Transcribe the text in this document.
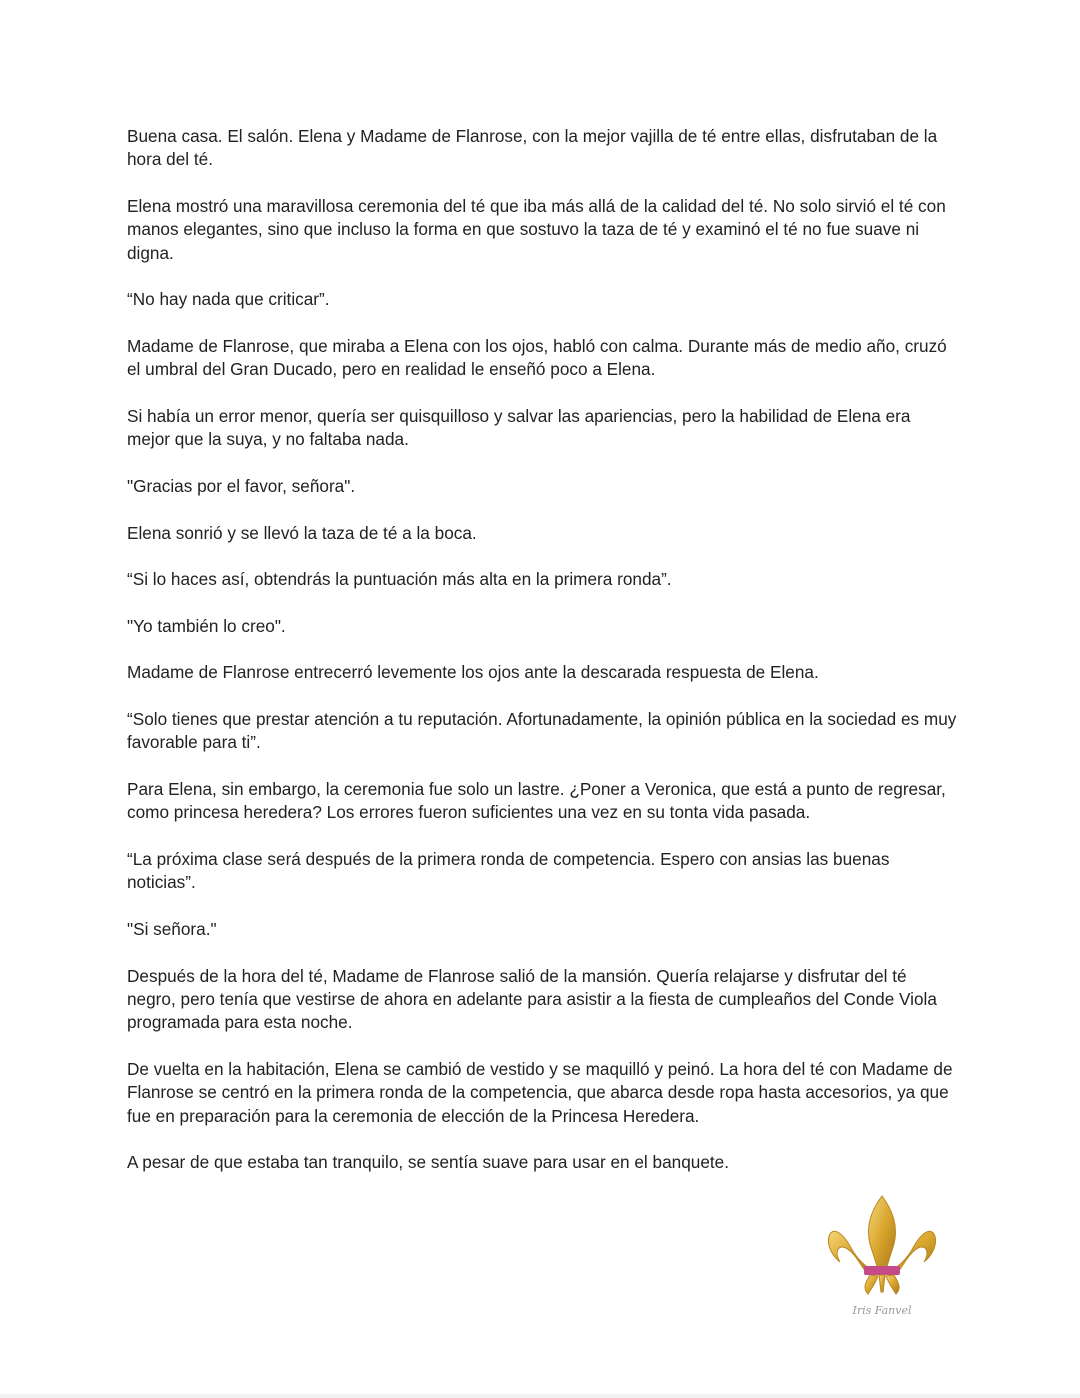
Buena casa. El salón. Elena y Madame de Flanrose, con la mejor vajilla de té entre ellas, disfrutaban de la hora del té.

Elena mostró una maravillosa ceremonia del té que iba más allá de la calidad del té. No solo sirvió el té con manos elegantes, sino que incluso la forma en que sostuvo la taza de té y examinó el té no fue suave ni digna.

“No hay nada que criticar”.

Madame de Flanrose, que miraba a Elena con los ojos, habló con calma. Durante más de medio año, cruzó el umbral del Gran Ducado, pero en realidad le enseñó poco a Elena.

Si había un error menor, quería ser quisquilloso y salvar las apariencias, pero la habilidad de Elena era mejor que la suya, y no faltaba nada.

"Gracias por el favor, señora".

Elena sonrió y se llevó la taza de té a la boca.

“Si lo haces así, obtendrás la puntuación más alta en la primera ronda”.

"Yo también lo creo".

Madame de Flanrose entrecerró levemente los ojos ante la descarada respuesta de Elena.

“Solo tienes que prestar atención a tu reputación. Afortunadamente, la opinión pública en la sociedad es muy favorable para ti”.

Para Elena, sin embargo, la ceremonia fue solo un lastre. ¿Poner a Veronica, que está a punto de regresar, como princesa heredera? Los errores fueron suficientes una vez en su tonta vida pasada.

“La próxima clase será después de la primera ronda de competencia. Espero con ansias las buenas noticias”.

"Si señora."

Después de la hora del té, Madame de Flanrose salió de la mansión. Quería relajarse y disfrutar del té negro, pero tenía que vestirse de ahora en adelante para asistir a la fiesta de cumpleaños del Conde Viola programada para esta noche.

De vuelta en la habitación, Elena se cambió de vestido y se maquilló y peinó. La hora del té con Madame de Flanrose se centró en la primera ronda de la competencia, que abarca desde ropa hasta accesorios, ya que fue en preparación para la ceremonia de elección de la Princesa Heredera.

A pesar de que estaba tan tranquilo, se sentía suave para usar en el banquete.

Iris Fanvel
